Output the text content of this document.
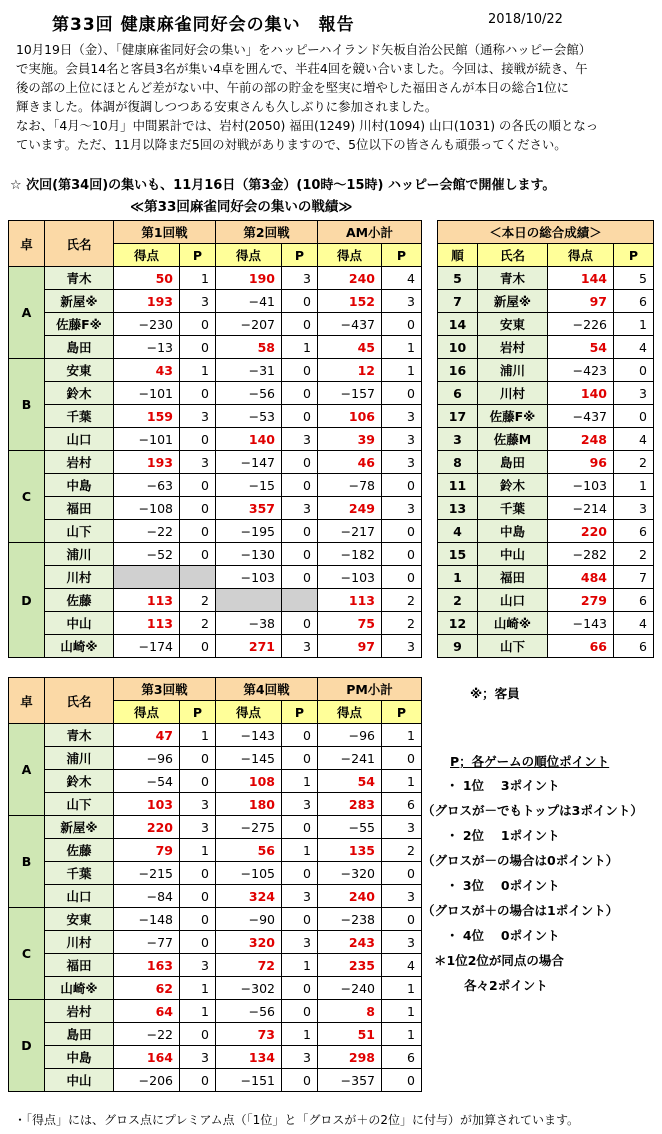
第33回 健康麻雀同好会の集い　報告	2018/10/22
10月19日（金）、「健康麻雀同好会の集い」をハッピーハイランド矢板自治公民館（通称ハッピー会館）
で実施。会員14名と客員3名が集い4卓を囲んで、半荘4回を競い合いました。今回は、接戦が続き、午
後の部の上位にほとんど差がない中、午前の部の貯金を堅実に増やした福田さんが本日の総合1位に
輝きました。体調が復調しつつある安東さんも久しぶりに参加されました。
なお、「4月～10月」中間累計では、岩村(2050) 福田(1249) 川村(1094) 山口(1031) の各氏の順となっ
ています。ただ、11月以降まだ5回の対戦がありますので、5位以下の皆さんも頑張ってください。
☆ 次回(第34回)の集いも、11月16日（第3金）(10時～15時) ハッピー会館で開催します。
≪第33回麻雀同好会の集いの戦績≫
卓	氏名	第1回戦		第2回戦		AM小計	
		得点	P	得点	P	得点	P
A	青木	50	1	190	3	240	4
	新屋※	193	3	−41	0	152	3
	佐藤F※	−230	0	−207	0	−437	0
	島田	−13	0	58	1	45	1
B	安東	43	1	−31	0	12	1
	鈴木	−101	0	−56	0	−157	0
	千葉	159	3	−53	0	106	3
	山口	−101	0	140	3	39	3
C	岩村	193	3	−147	0	46	3
	中島	−63	0	−15	0	−78	0
	福田	−108	0	357	3	249	3
	山下	−22	0	−195	0	−217	0
D	浦川	−52	0	−130	0	−182	0
	川村			−103	0	−103	0
	佐藤	113	2			113	2
	中山	113	2	−38	0	75	2
	山崎※	−174	0	271	3	97	3
卓	氏名	第3回戦		第4回戦		PM小計	
		得点	P	得点	P	得点	P
A	青木	47	1	−143	0	−96	1
	浦川	−96	0	−145	0	−241	0
	鈴木	−54	0	108	1	54	1
	山下	103	3	180	3	283	6
B	新屋※	220	3	−275	0	−55	3
	佐藤	79	1	56	1	135	2
	千葉	−215	0	−105	0	−320	0
	山口	−84	0	324	3	240	3
C	安東	−148	0	−90	0	−238	0
	川村	−77	0	320	3	243	3
	福田	163	3	72	1	235	4
	山崎※	62	1	−302	0	−240	1
D	岩村	64	1	−56	0	8	1
	島田	−22	0	73	1	51	1
	中島	164	3	134	3	298	6
	中山	−206	0	−151	0	−357	0
＜本日の総合成績＞			
順	氏名	得点	P
5	青木	144	5
7	新屋※	97	6
14	安東	−226	1
10	岩村	54	4
16	浦川	−423	0
6	川村	140	3
17	佐藤F※	−437	0
3	佐藤M	248	4
8	島田	96	2
11	鈴木	−103	1
13	千葉	−214	3
4	中島	220	6
15	中山	−282	2
1	福田	484	7
2	山口	279	6
12	山崎※	−143	4
9	山下	66	6
※；客員
P；各ゲームの順位ポイント
・ 1位　 3ポイント
（グロスが－でもトップは3ポイント）
・ 2位　 1ポイント
（グロスが－の場合は0ポイント）
・ 3位　 0ポイント
（グロスが＋の場合は1ポイント）
・ 4位　 0ポイント
＊1位2位が同点の場合
各々2ポイント
・「得点」には、グロス点にプレミアム点（「1位」と「グロスが＋の2位」に付与）が加算されています。
